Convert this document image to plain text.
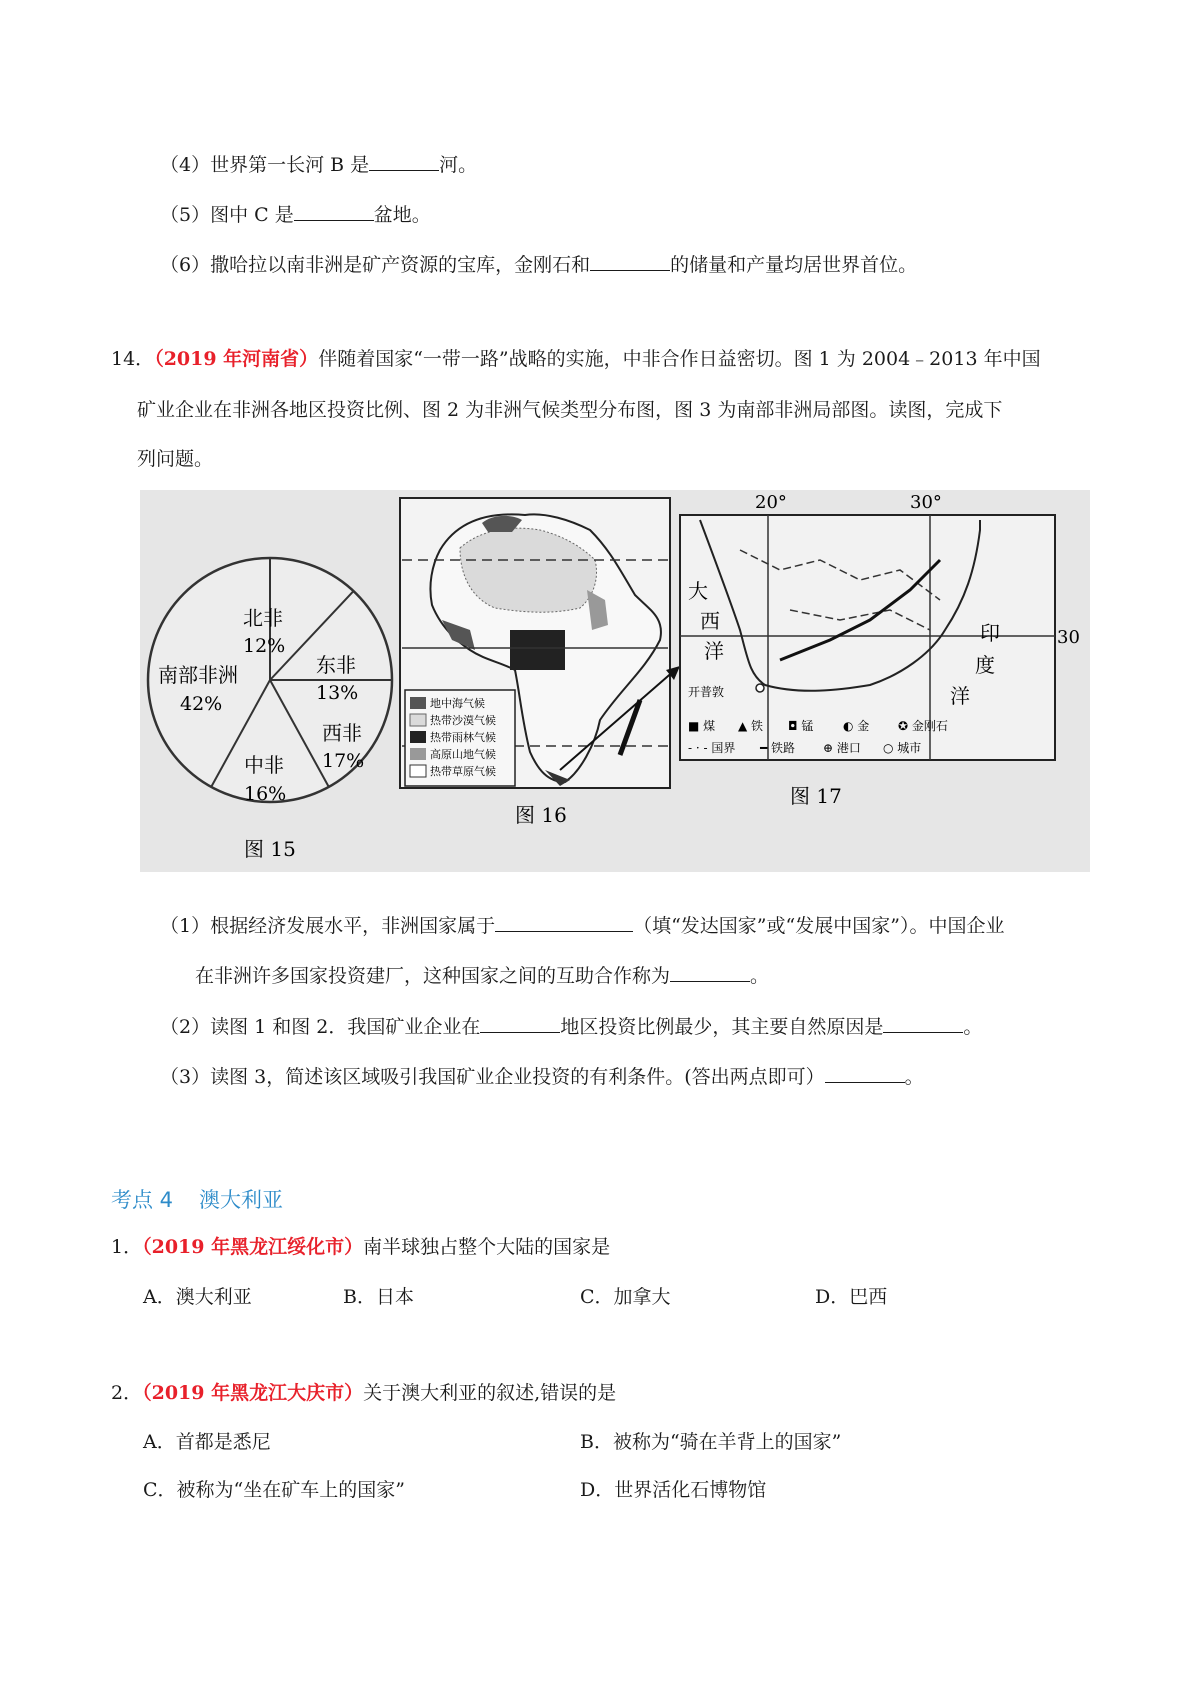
（4）世界第一长河 B 是	河。
（5）图中 C 是	盆地。
（6）撒哈拉以南非洲是矿产资源的宝库，金刚石和	的储量和产量均居世界首位。
14．（2019 年河南省）伴随着国家“一带一路”战略的实施，中非合作日益密切。图 1 为 2004﹣2013 年中国
矿业企业在非洲各地区投资比例、图 2 为非洲气候类型分布图，图 3 为南部非洲局部图。读图，完成下
列问题。
北非
12%
东非
13%
西非
17%
中非
16%
南部非洲
42%
图 15
地中海气候
热带沙漠气候
热带雨林气候
高原山地气候
热带草原气候
图 16
20°	30°
30
大
西
洋
印
度
洋
开普敦
■ 煤 ▲ 铁 ◘ 锰 ◐ 金 ✪ 金刚石
- · - 国界 ━ 铁路 ⊕ 港口 ○ 城市
图 17
（1）根据经济发展水平，非洲国家属于	（填“发达国家”或“发展中国家”）。中国企业
在非洲许多国家投资建厂，这种国家之间的互助合作称为	。
（2）读图 1 和图 2．我国矿业企业在	地区投资比例最少，其主要自然原因是	。
（3）读图 3，简述该区域吸引我国矿业企业投资的有利条件。(答出两点即可）	。
考点 4 澳大利亚
1．（2019 年黑龙江绥化市）南半球独占整个大陆的国家是
A．澳大利亚	B．日本	C．加拿大	D．巴西
2．（2019 年黑龙江大庆市）关于澳大利亚的叙述,错误的是
A．首都是悉尼	B．被称为“骑在羊背上的国家”
C．被称为“坐在矿车上的国家”	D．世界活化石博物馆
